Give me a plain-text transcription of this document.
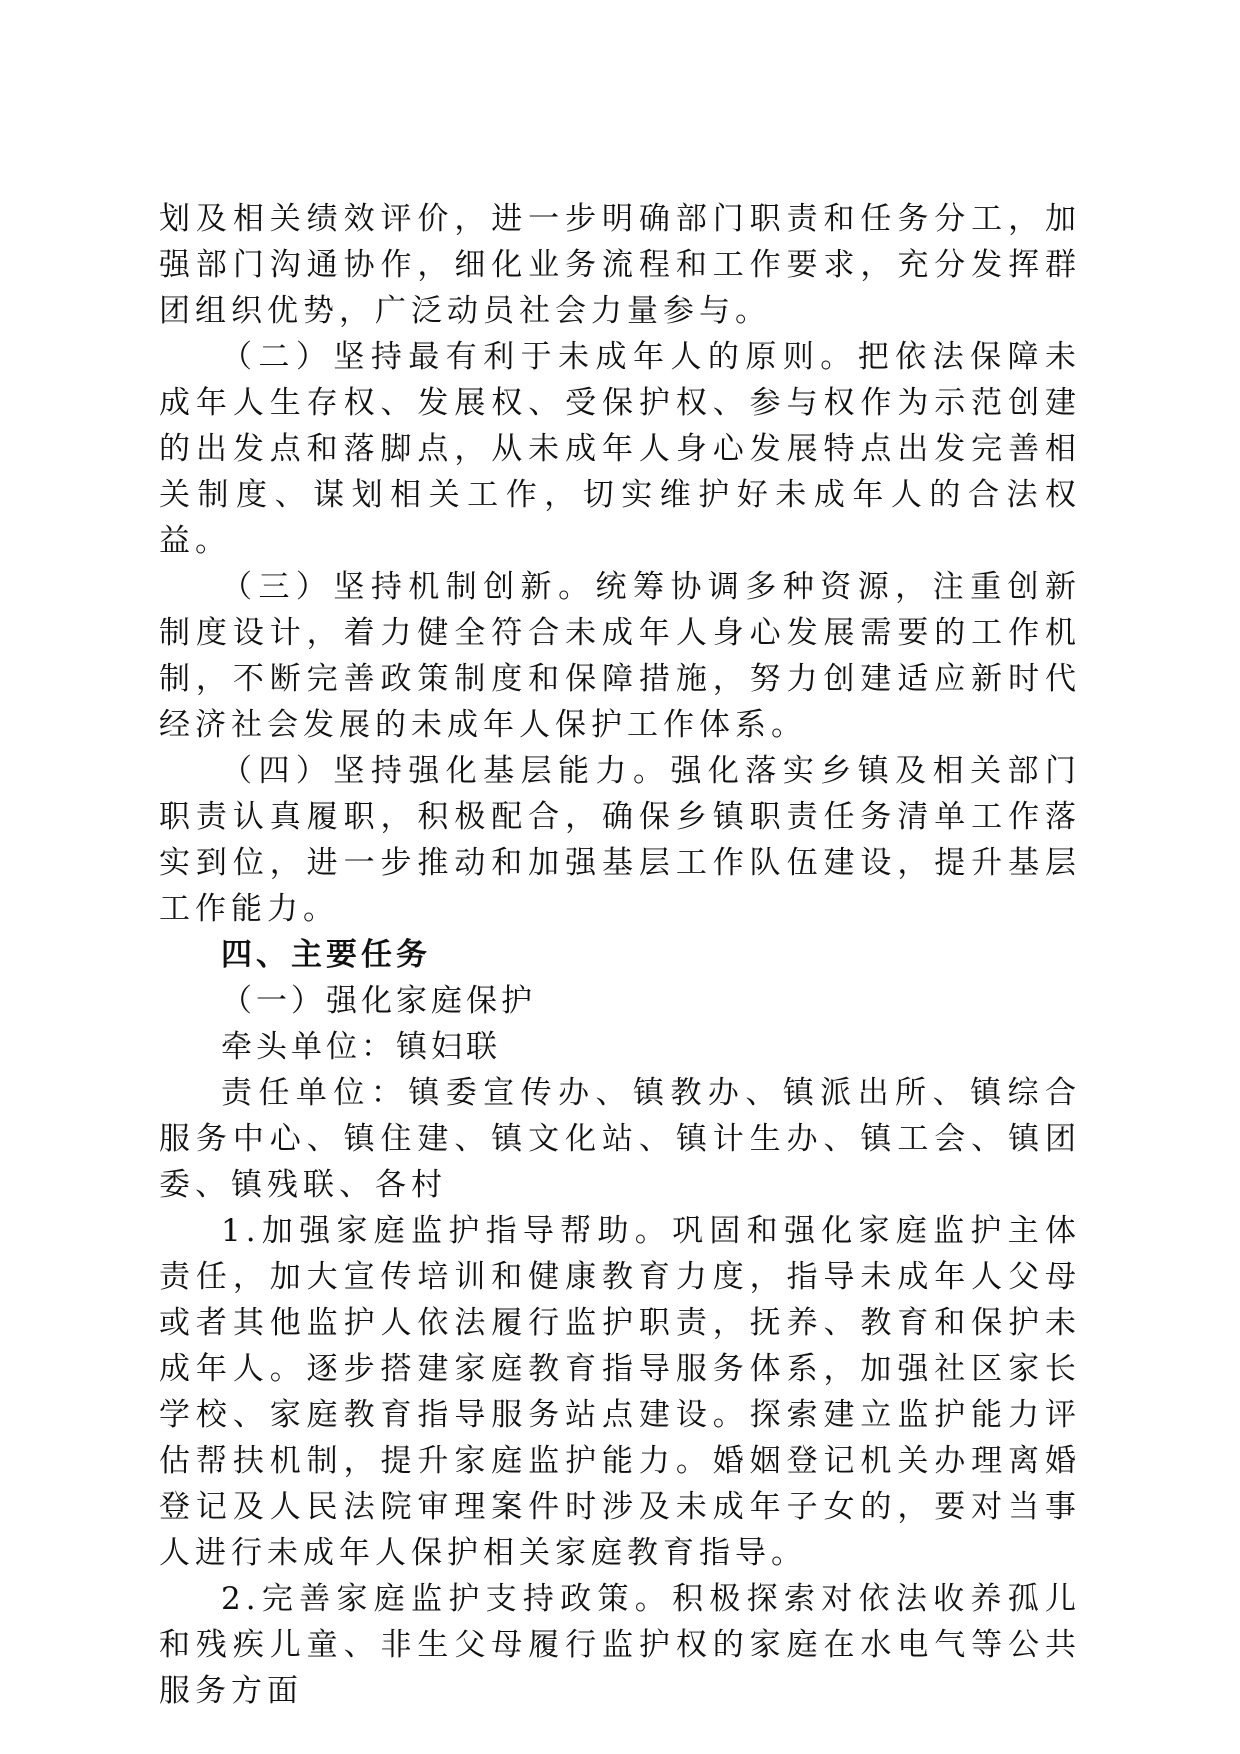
划及相关绩效评价，进一步明确部门职责和任务分工，加强部门沟通协作，细化业务流程和工作要求，充分发挥群团组织优势，广泛动员社会力量参与。

（二）坚持最有利于未成年人的原则。把依法保障未成年人生存权、发展权、受保护权、参与权作为示范创建的出发点和落脚点，从未成年人身心发展特点出发完善相关制度、谋划相关工作，切实维护好未成年人的合法权益。

（三）坚持机制创新。统筹协调多种资源，注重创新制度设计，着力健全符合未成年人身心发展需要的工作机制，不断完善政策制度和保障措施，努力创建适应新时代经济社会发展的未成年人保护工作体系。

（四）坚持强化基层能力。强化落实乡镇及相关部门职责认真履职，积极配合，确保乡镇职责任务清单工作落实到位，进一步推动和加强基层工作队伍建设，提升基层工作能力。

四、主要任务

（一）强化家庭保护

牵头单位：镇妇联

责任单位：镇委宣传办、镇教办、镇派出所、镇综合服务中心、镇住建、镇文化站、镇计生办、镇工会、镇团委、镇残联、各村

1.加强家庭监护指导帮助。巩固和强化家庭监护主体责任，加大宣传培训和健康教育力度，指导未成年人父母或者其他监护人依法履行监护职责，抚养、教育和保护未成年人。逐步搭建家庭教育指导服务体系，加强社区家长学校、家庭教育指导服务站点建设。探索建立监护能力评估帮扶机制，提升家庭监护能力。婚姻登记机关办理离婚登记及人民法院审理案件时涉及未成年子女的，要对当事人进行未成年人保护相关家庭教育指导。

2.完善家庭监护支持政策。积极探索对依法收养孤儿和残疾儿童、非生父母履行监护权的家庭在水电气等公共服务方面
